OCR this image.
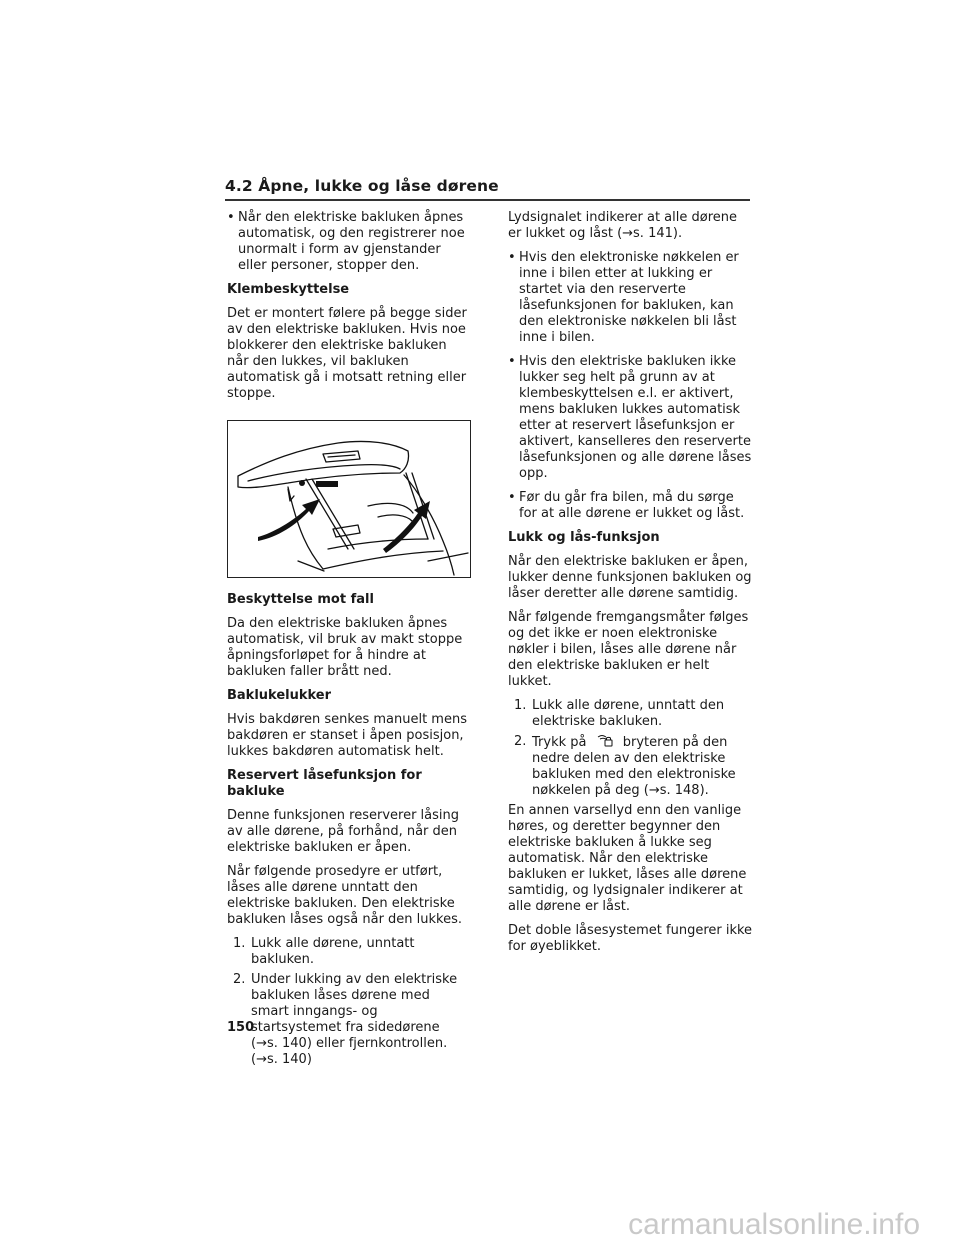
4.2 Åpne, lukke og låse dørene
• Når den elektriske bakluken åpnes automatisk, og den registrerer noe unormalt i form av gjenstander eller personer, stopper den.
Klembeskyttelse

Det er montert følere på begge sider av den elektriske bakluken. Hvis noe blokkerer den elektriske bakluken når den lukkes, vil bakluken automatisk gå i motsatt retning eller stoppe.

Beskyttelse mot fall

Da den elektriske bakluken åpnes automatisk, vil bruk av makt stoppe åpningsforløpet for å hindre at bakluken faller brått ned.

Baklukelukker

Hvis bakdøren senkes manuelt mens bakdøren er stanset i åpen posisjon, lukkes bakdøren automatisk helt.

Reservert låsefunksjon for bakluke

Denne funksjonen reserverer låsing av alle dørene, på forhånd, når den elektriske bakluken er åpen.

Når følgende prosedyre er utført, låses alle dørene unntatt den elektriske bakluken. Den elektriske bakluken låses også når den lukkes.

1. Lukk alle dørene, unntatt bakluken.
2. Under lukking av den elektriske bakluken låses dørene med smart inngangs- og startsystemet fra sidedørene (→s. 140) eller fjernkontrollen. (→s. 140)

Lydsignalet indikerer at alle dørene er lukket og låst (→s. 141).

• Hvis den elektroniske nøkkelen er inne i bilen etter at lukking er startet via den reserverte låsefunksjonen for bakluken, kan den elektroniske nøkkelen bli låst inne i bilen.
• Hvis den elektriske bakluken ikke lukker seg helt på grunn av at klembeskyttelsen e.l. er aktivert, mens bakluken lukkes automatisk etter at reservert låsefunksjon er aktivert, kanselleres den reserverte låsefunksjonen og alle dørene låses opp.
• Før du går fra bilen, må du sørge for at alle dørene er lukket og låst.
Lukk og lås-funksjon

Når den elektriske bakluken er åpen, lukker denne funksjonen bakluken og låser deretter alle dørene samtidig.

Når følgende fremgangsmåter følges og det ikke er noen elektroniske nøkler i bilen, låses alle dørene når den elektriske bakluken er helt lukket.

1. Lukk alle dørene, unntatt den elektriske bakluken.
2. Trykk på	bryteren på den nedre delen av den elektriske bakluken med den elektroniske nøkkelen på deg (→s. 148).

En annen varsellyd enn den vanlige høres, og deretter begynner den elektriske bakluken å lukke seg automatisk. Når den elektriske bakluken er lukket, låses alle dørene samtidig, og lydsignaler indikerer at alle dørene er låst.

Det doble låsesystemet fungerer ikke for øyeblikket.

150
carmanualsonline.info
